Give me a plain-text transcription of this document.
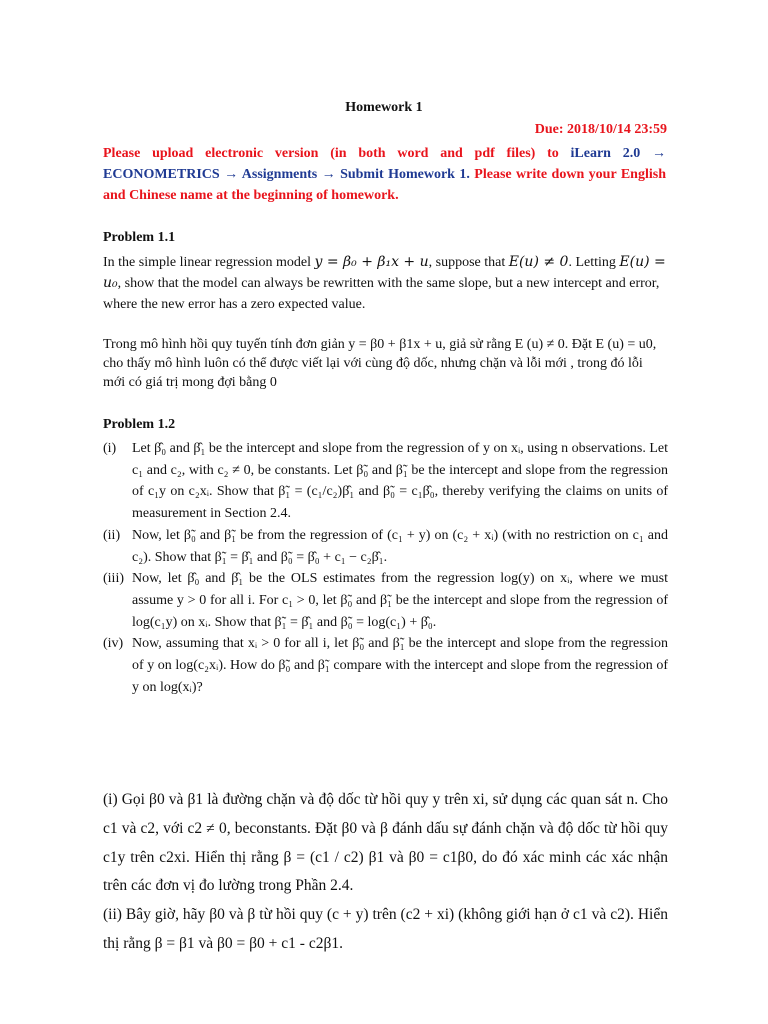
Homework 1
Due: 2018/10/14 23:59
Please upload electronic version (in both word and pdf files) to iLearn 2.0 → ECONOMETRICS → Assignments → Submit Homework 1. Please write down your English and Chinese name at the beginning of homework.
Problem 1.1
In the simple linear regression model y = β₀ + β₁x + u, suppose that E(u) ≠ 0. Letting E(u) = u₀, show that the model can always be rewritten with the same slope, but a new intercept and error, where the new error has a zero expected value.
Trong mô hình hồi quy tuyến tính đơn giản y = β0 + β1x + u, giả sử rằng E (u) ≠ 0. Đặt E (u) = u0, cho thấy mô hình luôn có thể được viết lại với cùng độ dốc, nhưng chặn và lỗi mới , trong đó lỗi mới có giá trị mong đợi bằng 0
Problem 1.2
(i)	Let β̂₀ and β̂₁ be the intercept and slope from the regression of y on xᵢ, using n observations. Let c₁ and c₂, with c₂ ≠ 0, be constants. Let β̃₀ and β̃₁ be the intercept and slope from the regression of c₁y on c₂xᵢ. Show that β̃₁ = (c₁/c₂)β̂₁ and β̃₀ = c₁β̂₀, thereby verifying the claims on units of measurement in Section 2.4.
(ii) Now, let β̃₀ and β̃₁ be from the regression of (c₁ + y) on (c₂ + xᵢ) (with no restriction on c₁ and c₂). Show that β̃₁ = β̂₁ and β̃₀ = β̂₀ + c₁ − c₂β̂₁.
(iii) Now, let β̂₀ and β̂₁ be the OLS estimates from the regression log(y) on xᵢ, where we must assume y > 0 for all i. For c₁ > 0, let β̃₀ and β̃₁ be the intercept and slope from the regression of log(c₁y) on xᵢ. Show that β̃₁ = β̂₁ and β̃₀ = log(c₁) + β̂₀.
(iv) Now, assuming that xᵢ > 0 for all i, let β̃₀ and β̃₁ be the intercept and slope from the regression of y on log(c₂xᵢ). How do β̃₀ and β̃₁ compare with the intercept and slope from the regression of y on log(xᵢ)?

(i) Gọi β0 và β1 là đường chặn và độ dốc từ hồi quy y trên xi, sử dụng các quan sát n. Cho c1 và c2, với c2 ≠ 0, beconstants. Đặt β0 và β đánh dấu sự đánh chặn và độ dốc từ hồi quy c1y trên c2xi. Hiển thị rằng β = (c1 / c2) β1 và β0 = c1β0, do đó xác minh các xác nhận trên các đơn vị đo lường trong Phần 2.4.

(ii) Bây giờ, hãy β0 và β từ hồi quy (c + y) trên (c2 + xi) (không giới hạn ở c1 và c2). Hiển thị rằng β = β1 và β0 = β0 + c1 - c2β1.
